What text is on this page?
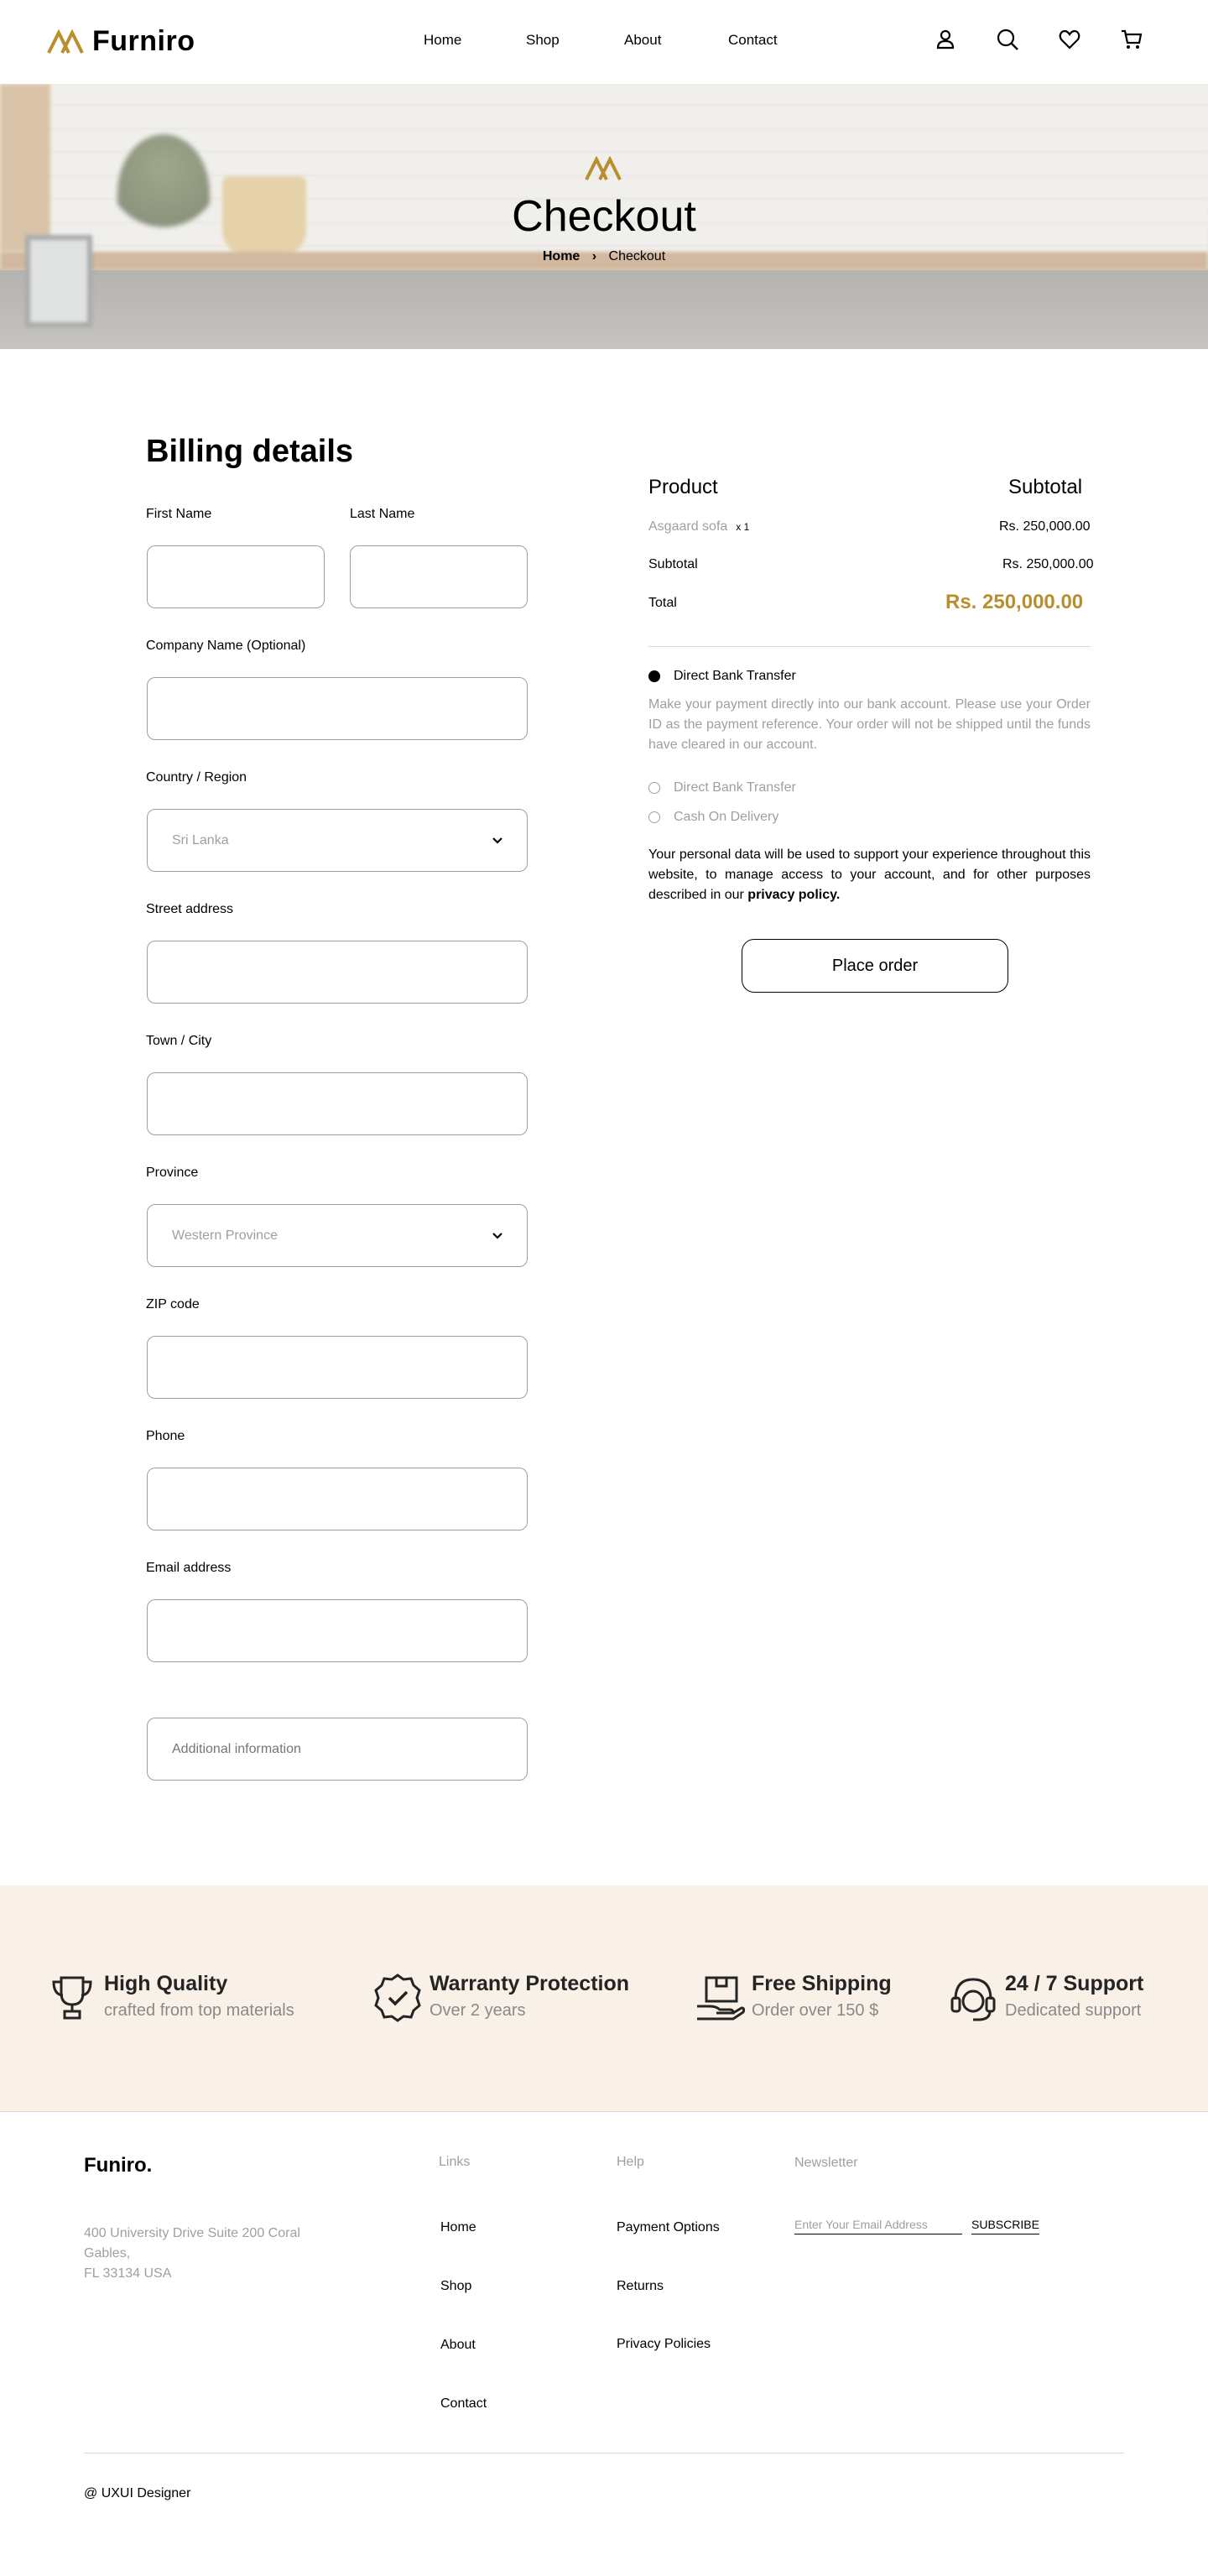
Furniro	Home	Shop	About	Contact
Checkout
Home › Checkout
Billing details
First Name	Last Name
Company Name (Optional)
Country / Region
Sri Lanka
Street address
Town / City
Province
Western Province
ZIP code
Phone
Email address
Additional information
Product	Subtotal
Asgaard sofa x 1	Rs. 250,000.00
Subtotal	Rs. 250,000.00
Total	Rs. 250,000.00
Direct Bank Transfer
Make your payment directly into our bank account. Please use your Order ID as the payment reference. Your order will not be shipped until the funds have cleared in our account.
Direct Bank Transfer
Cash On Delivery
Your personal data will be used to support your experience throughout this website, to manage access to your account, and for other purposes described in our privacy policy.
Place order
High Quality
crafted from top materials
Warranty Protection
Over 2 years
Free Shipping
Order over 150 $
24 / 7 Support
Dedicated support
Funiro.
400 University Drive Suite 200 Coral Gables,
FL 33134 USA
Links
Home
Shop
About
Contact
Help
Payment Options
Returns
Privacy Policies
Newsletter
Enter Your Email Address	SUBSCRIBE
@ UXUI Designer
